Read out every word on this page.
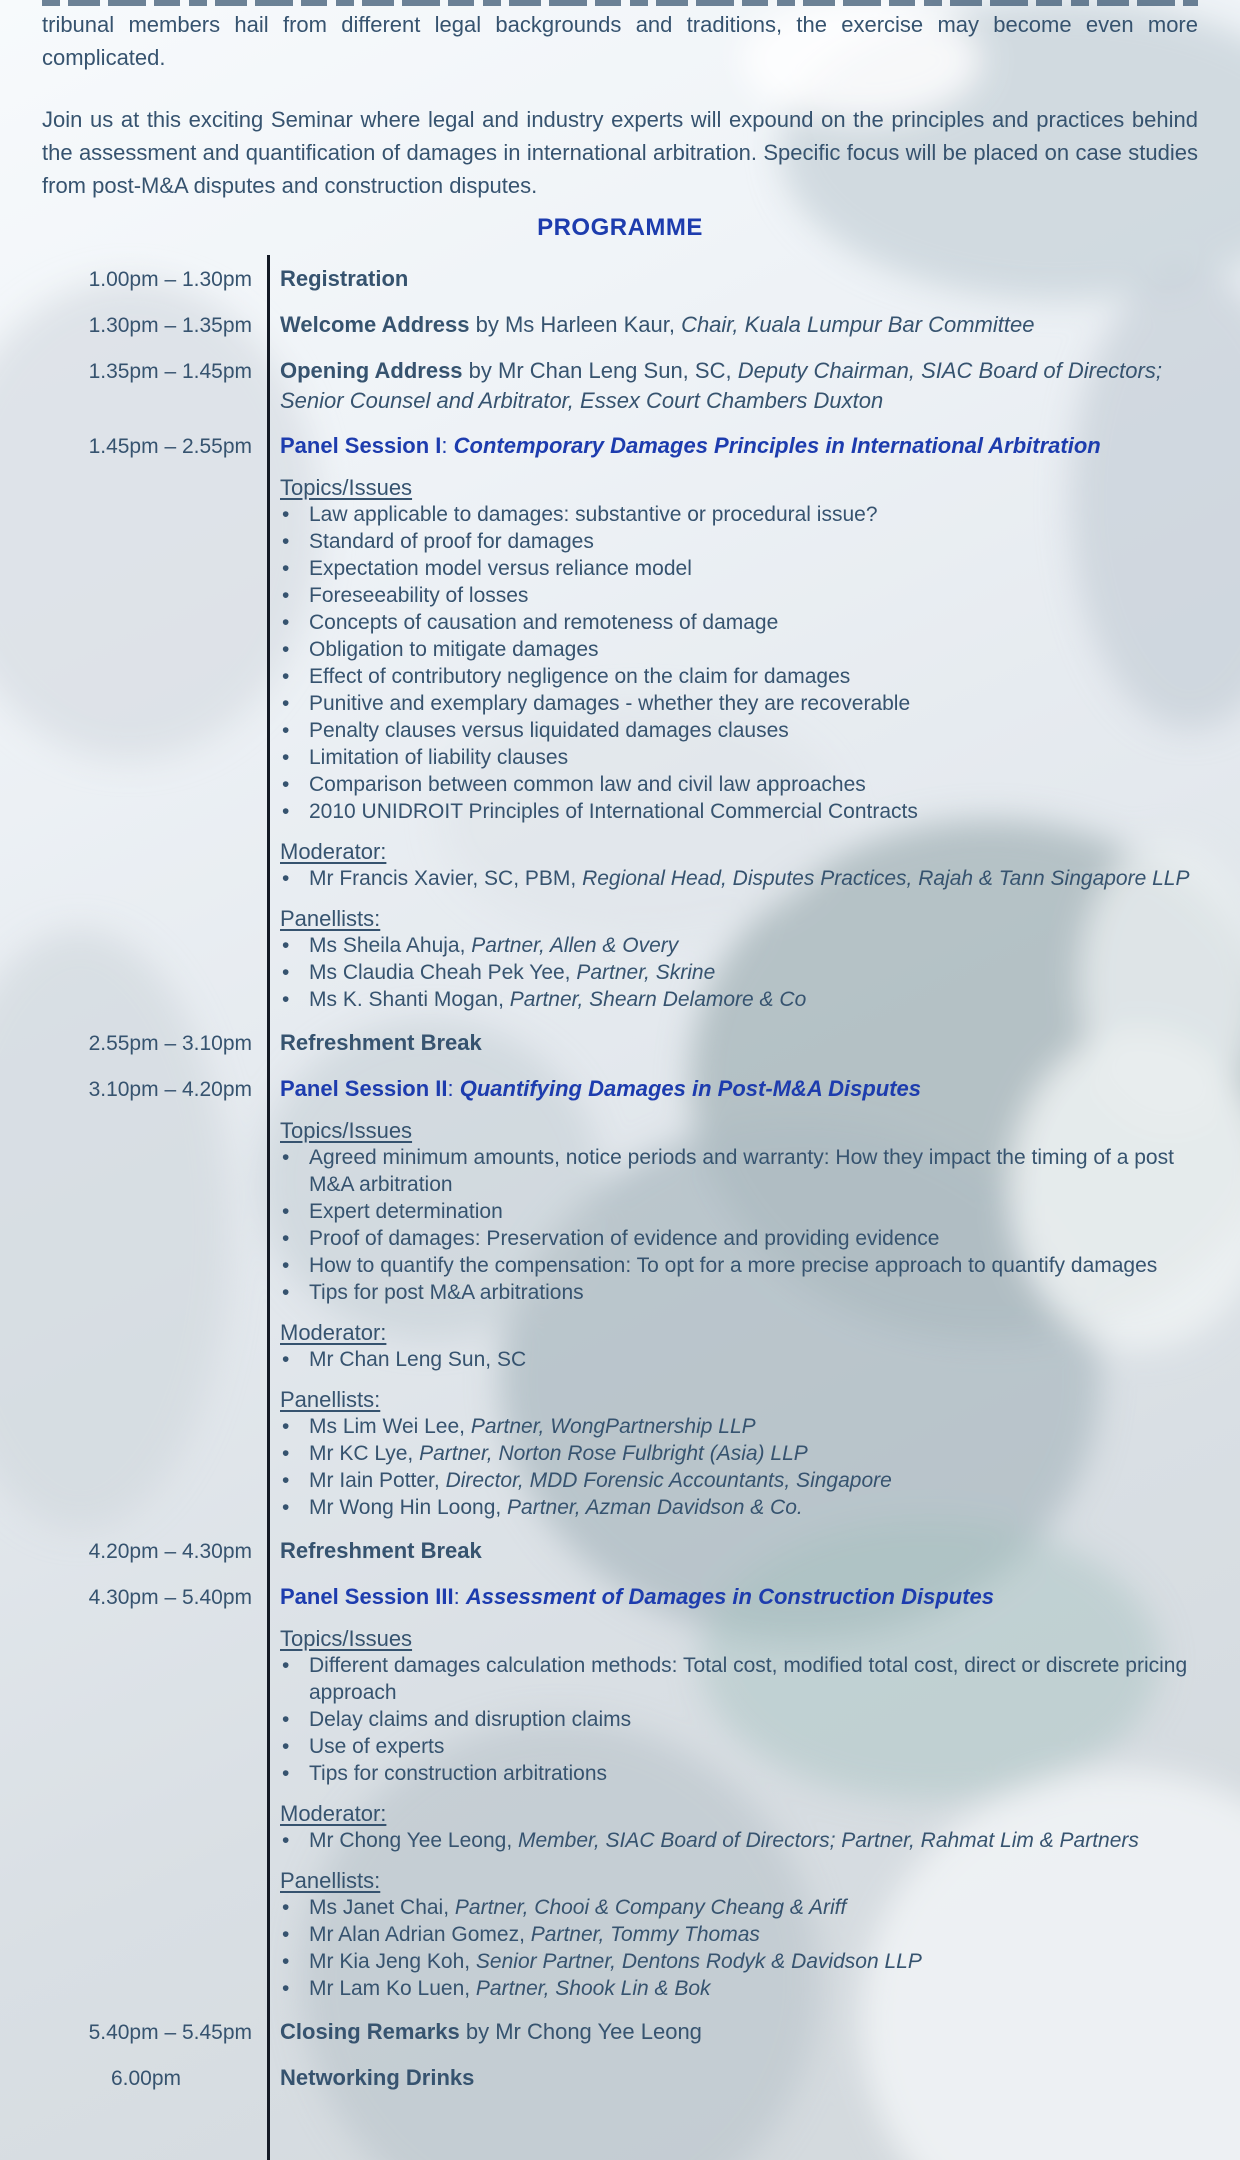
tribunal members hail from different legal backgrounds and traditions, the exercise may become even more complicated.

Join us at this exciting Seminar where legal and industry experts will expound on the principles and practices behind the assessment and quantification of damages in international arbitration. Specific focus will be placed on case studies from post-M&A disputes and construction disputes.

PROGRAMME
1.00pm – 1.30pm Registration
1.30pm – 1.35pm Welcome Address by Ms Harleen Kaur, Chair, Kuala Lumpur Bar Committee
1.35pm – 1.45pm Opening Address by Mr Chan Leng Sun, SC, Deputy Chairman, SIAC Board of Directors; Senior Counsel and Arbitrator, Essex Court Chambers Duxton
1.45pm – 2.55pm Panel Session I: Contemporary Damages Principles in International Arbitration
Topics/Issues
• Law applicable to damages: substantive or procedural issue?
• Standard of proof for damages
• Expectation model versus reliance model
• Foreseeability of losses
• Concepts of causation and remoteness of damage
• Obligation to mitigate damages
• Effect of contributory negligence on the claim for damages
• Punitive and exemplary damages - whether they are recoverable
• Penalty clauses versus liquidated damages clauses
• Limitation of liability clauses
• Comparison between common law and civil law approaches
• 2010 UNIDROIT Principles of International Commercial Contracts
Moderator:
• Mr Francis Xavier, SC, PBM, Regional Head, Disputes Practices, Rajah & Tann Singapore LLP
Panellists:
• Ms Sheila Ahuja, Partner, Allen & Overy
• Ms Claudia Cheah Pek Yee, Partner, Skrine
• Ms K. Shanti Mogan, Partner, Shearn Delamore & Co
2.55pm – 3.10pm Refreshment Break
3.10pm – 4.20pm Panel Session II: Quantifying Damages in Post-M&A Disputes
Topics/Issues
• Agreed minimum amounts, notice periods and warranty: How they impact the timing of a post M&A arbitration
• Expert determination
• Proof of damages: Preservation of evidence and providing evidence
• How to quantify the compensation: To opt for a more precise approach to quantify damages
• Tips for post M&A arbitrations
Moderator:
• Mr Chan Leng Sun, SC
Panellists:
• Ms Lim Wei Lee, Partner, WongPartnership LLP
• Mr KC Lye, Partner, Norton Rose Fulbright (Asia) LLP
• Mr Iain Potter, Director, MDD Forensic Accountants, Singapore
• Mr Wong Hin Loong, Partner, Azman Davidson & Co.
4.20pm – 4.30pm Refreshment Break
4.30pm – 5.40pm Panel Session III: Assessment of Damages in Construction Disputes
Topics/Issues
• Different damages calculation methods: Total cost, modified total cost, direct or discrete pricing approach
• Delay claims and disruption claims
• Use of experts
• Tips for construction arbitrations
Moderator:
• Mr Chong Yee Leong, Member, SIAC Board of Directors; Partner, Rahmat Lim & Partners
Panellists:
• Ms Janet Chai, Partner, Chooi & Company Cheang & Ariff
• Mr Alan Adrian Gomez, Partner, Tommy Thomas
• Mr Kia Jeng Koh, Senior Partner, Dentons Rodyk & Davidson LLP
• Mr Lam Ko Luen, Partner, Shook Lin & Bok
5.40pm – 5.45pm Closing Remarks by Mr Chong Yee Leong
6.00pm	Networking Drinks
